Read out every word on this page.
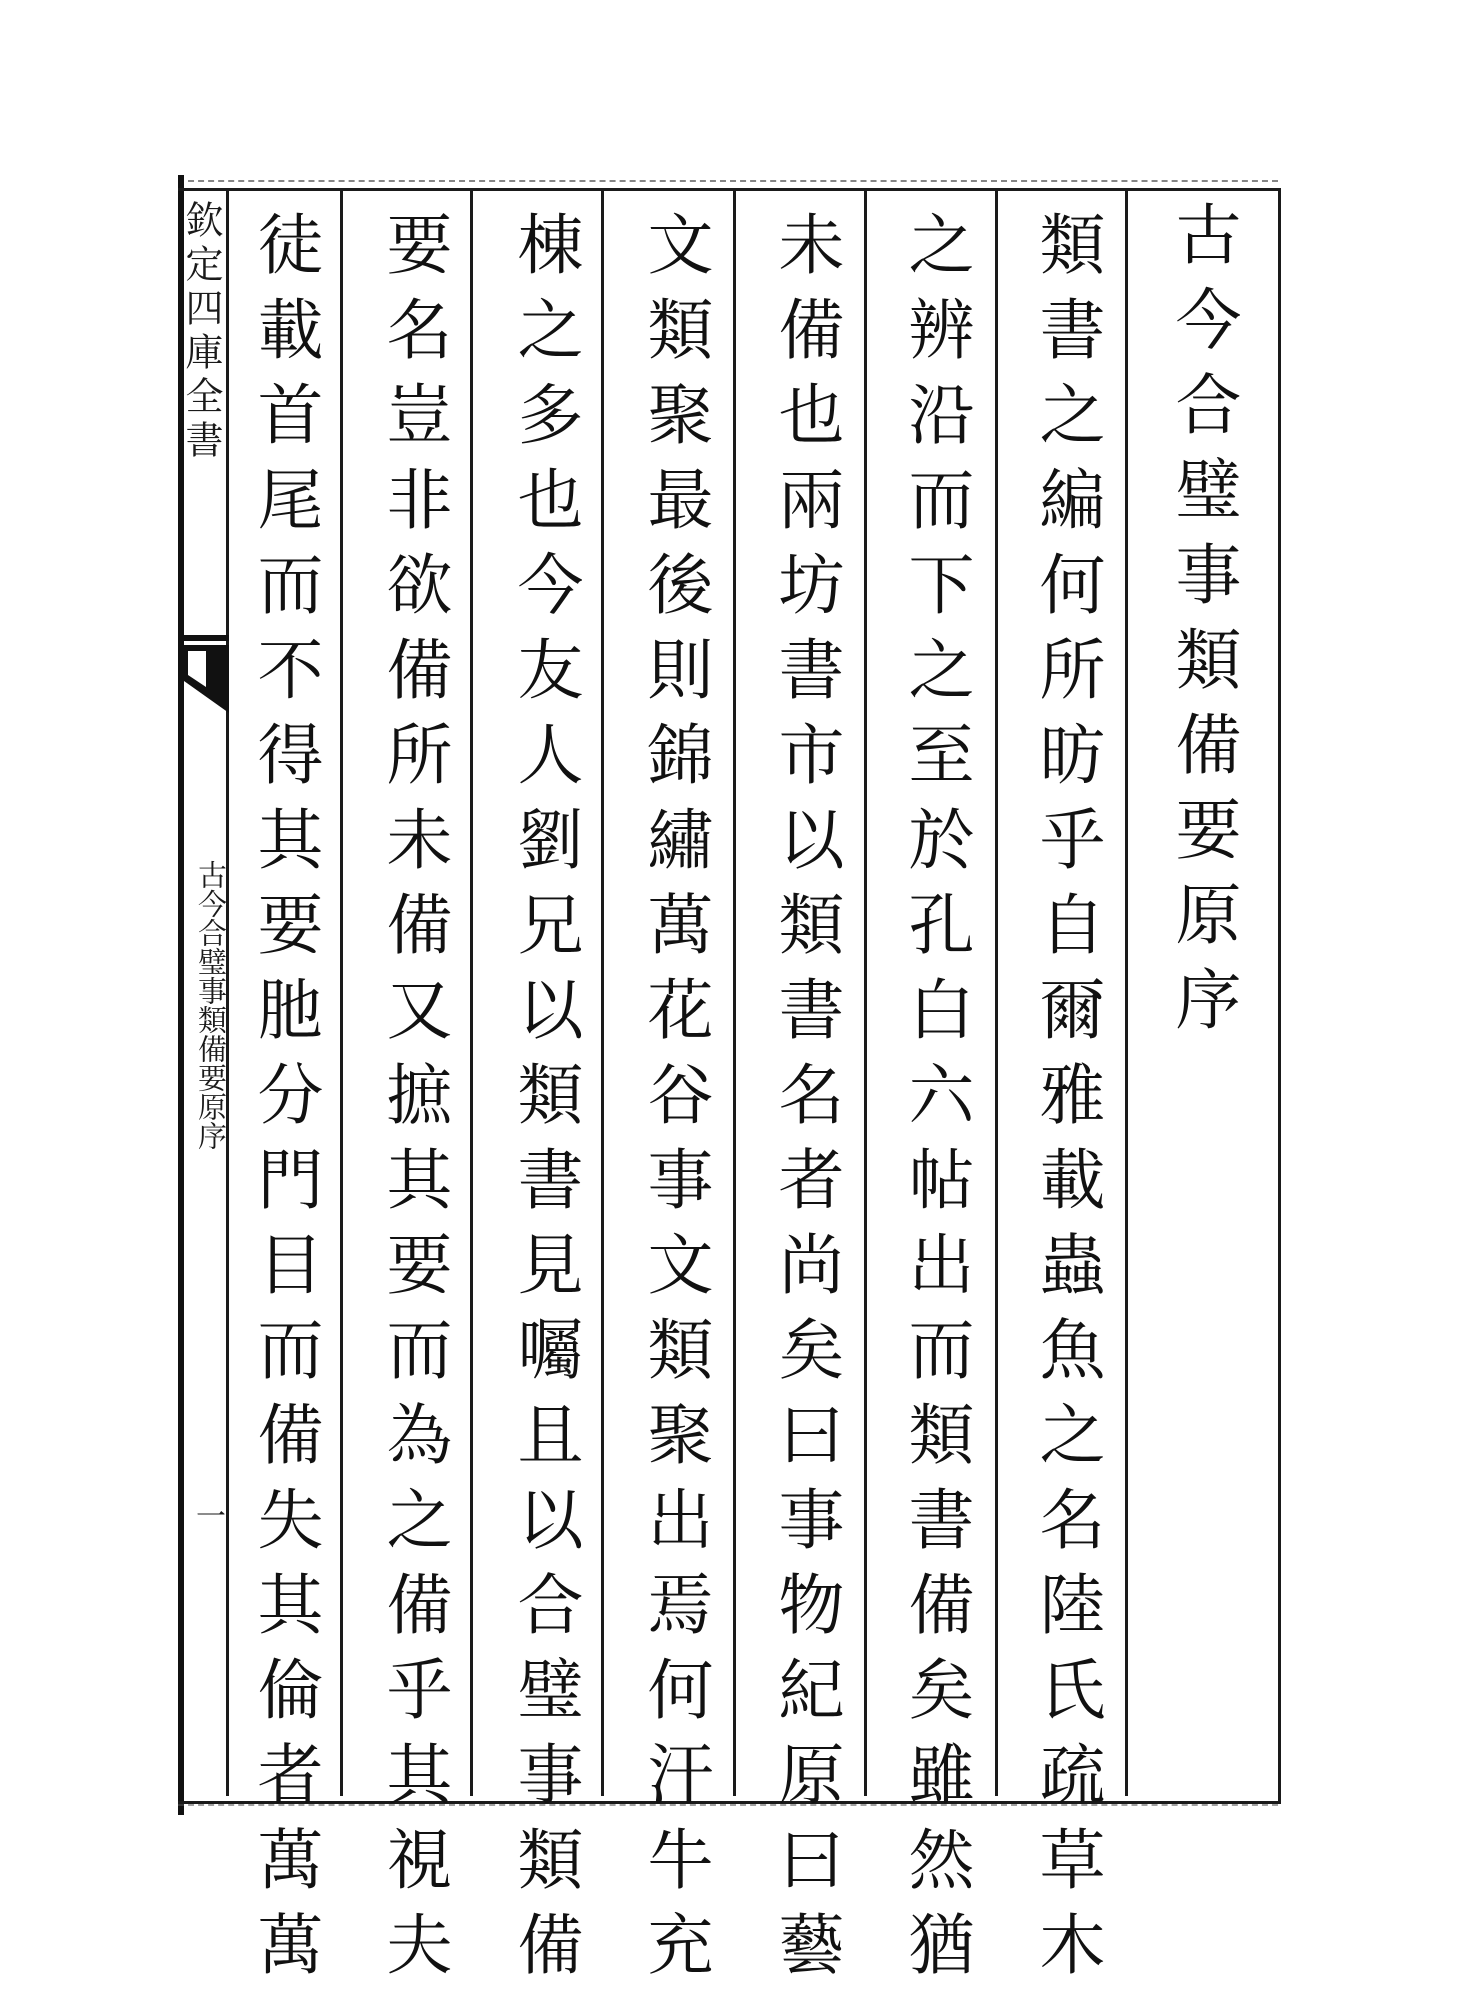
欽定四庫全書
古今合璧事類備要原序
一
古今合璧事類備要原序
類書之編何所昉乎自爾雅載蟲魚之名陸氏疏草木
之辨沿而下之至於孔白六帖出而類書備矣雖然猶
未備也兩坊書市以類書名者尚矣曰事物紀原曰藝
文類聚最後則錦繡萬花谷事文類聚出焉何汗牛充
棟之多也今友人劉兄以類書見囑且以合璧事類備
要名豈非欲備所未備又摭其要而為之備乎其視夫
徒載首尾而不得其要肔分門目而備失其倫者萬萬
